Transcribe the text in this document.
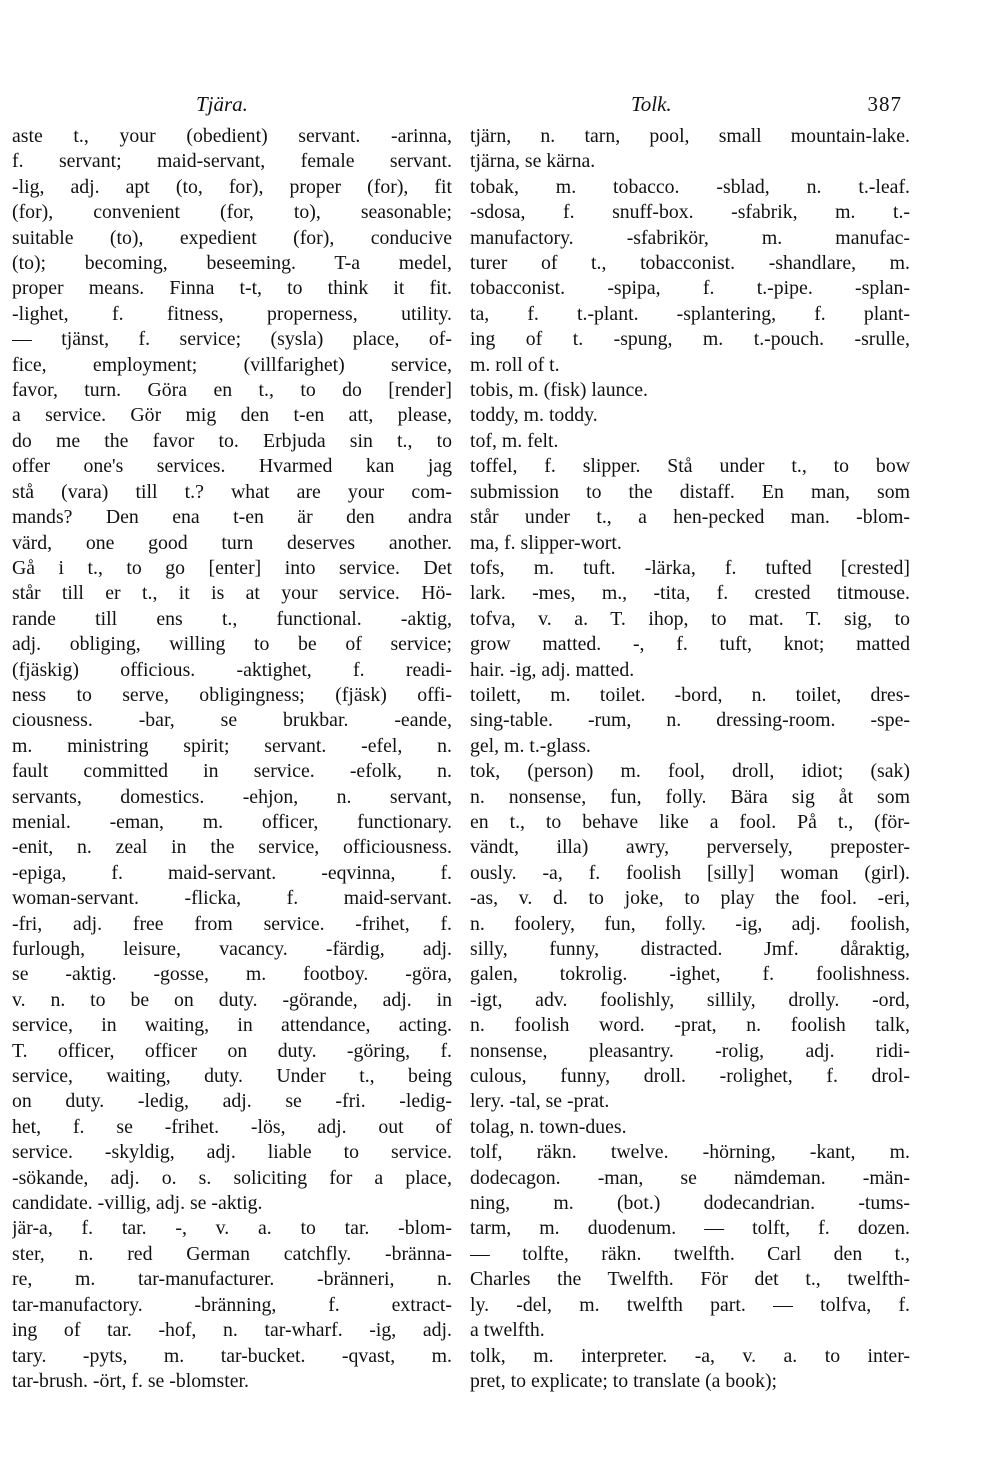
Tjära.	Tolk.	387
aste t., your (obedient) servant. -arinna,
f. servant; maid-servant, female servant.
-lig, adj. apt (to, for), proper (for), fit
(for), convenient (for, to), seasonable;
suitable (to), expedient (for), conducive
(to); becoming, beseeming. T-a medel,
proper means. Finna t-t, to think it fit.
-lighet, f. fitness, properness, utility.
— tjänst, f. service; (sysla) place, of-
fice, employment; (villfarighet) service,
favor, turn. Göra en t., to do [render]
a service. Gör mig den t-en att, please,
do me the favor to. Erbjuda sin t., to
offer one's services. Hvarmed kan jag
stå (vara) till t.? what are your com-
mands? Den ena t-en är den andra
värd, one good turn deserves another.
Gå i t., to go [enter] into service. Det
står till er t., it is at your service. Hö-
rande till ens t., functional. -aktig,
adj. obliging, willing to be of service;
(fjäskig) officious. -aktighet, f. readi-
ness to serve, obligingness; (fjäsk) offi-
ciousness. -bar, se brukbar. -eande,
m. ministring spirit; servant. -efel, n.
fault committed in service. -efolk, n.
servants, domestics. -ehjon, n. servant,
menial. -eman, m. officer, functionary.
-enit, n. zeal in the service, officiousness.
-epiga, f. maid-servant. -eqvinna, f.
woman-servant. -flicka, f. maid-servant.
-fri, adj. free from service. -frihet, f.
furlough, leisure, vacancy. -färdig, adj.
se -aktig. -gosse, m. footboy. -göra,
v. n. to be on duty. -görande, adj. in
service, in waiting, in attendance, acting.
T. officer, officer on duty. -göring, f.
service, waiting, duty. Under t., being
on duty. -ledig, adj. se -fri. -ledig-
het, f. se -frihet. -lös, adj. out of
service. -skyldig, adj. liable to service.
-sökande, adj. o. s. soliciting for a place,
candidate. -villig, adj. se -aktig.
jär-a, f. tar. -, v. a. to tar. -blom-
ster, n. red German catchfly. -bränna-
re, m. tar-manufacturer. -bränneri, n.
tar-manufactory. -bränning, f. extract-
ing of tar. -hof, n. tar-wharf. -ig, adj.
tary. -pyts, m. tar-bucket. -qvast, m.
tar-brush. -ört, f. se -blomster.
tjärn, n. tarn, pool, small mountain-lake.
tjärna, se kärna.
tobak, m. tobacco. -sblad, n. t.-leaf.
-sdosa, f. snuff-box. -sfabrik, m. t.-
manufactory. -sfabrikör, m. manufac-
turer of t., tobacconist. -shandlare, m.
tobacconist. -spipa, f. t.-pipe. -splan-
ta, f. t.-plant. -splantering, f. plant-
ing of t. -spung, m. t.-pouch. -srulle,
m. roll of t.
tobis, m. (fisk) launce.
toddy, m. toddy.
tof, m. felt.
toffel, f. slipper. Stå under t., to bow
submission to the distaff. En man, som
står under t., a hen-pecked man. -blom-
ma, f. slipper-wort.
tofs, m. tuft. -lärka, f. tufted [crested]
lark. -mes, m., -tita, f. crested titmouse.
tofva, v. a. T. ihop, to mat. T. sig, to
grow matted. -, f. tuft, knot; matted
hair. -ig, adj. matted.
toilett, m. toilet. -bord, n. toilet, dres-
sing-table. -rum, n. dressing-room. -spe-
gel, m. t.-glass.
tok, (person) m. fool, droll, idiot; (sak)
n. nonsense, fun, folly. Bära sig åt som
en t., to behave like a fool. På t., (för-
vändt, illa) awry, perversely, preposter-
ously. -a, f. foolish [silly] woman (girl).
-as, v. d. to joke, to play the fool. -eri,
n. foolery, fun, folly. -ig, adj. foolish,
silly, funny, distracted. Jmf. dåraktig,
galen, tokrolig. -ighet, f. foolishness.
-igt, adv. foolishly, sillily, drolly. -ord,
n. foolish word. -prat, n. foolish talk,
nonsense, pleasantry. -rolig, adj. ridi-
culous, funny, droll. -rolighet, f. drol-
lery. -tal, se -prat.
tolag, n. town-dues.
tolf, räkn. twelve. -hörning, -kant, m.
dodecagon. -man, se nämdeman. -män-
ning, m. (bot.) dodecandrian. -tums-
tarm, m. duodenum. — tolft, f. dozen.
— tolfte, räkn. twelfth. Carl den t.,
Charles the Twelfth. För det t., twelfth-
ly. -del, m. twelfth part. — tolfva, f.
a twelfth.
tolk, m. interpreter. -a, v. a. to inter-
pret, to explicate; to translate (a book);
